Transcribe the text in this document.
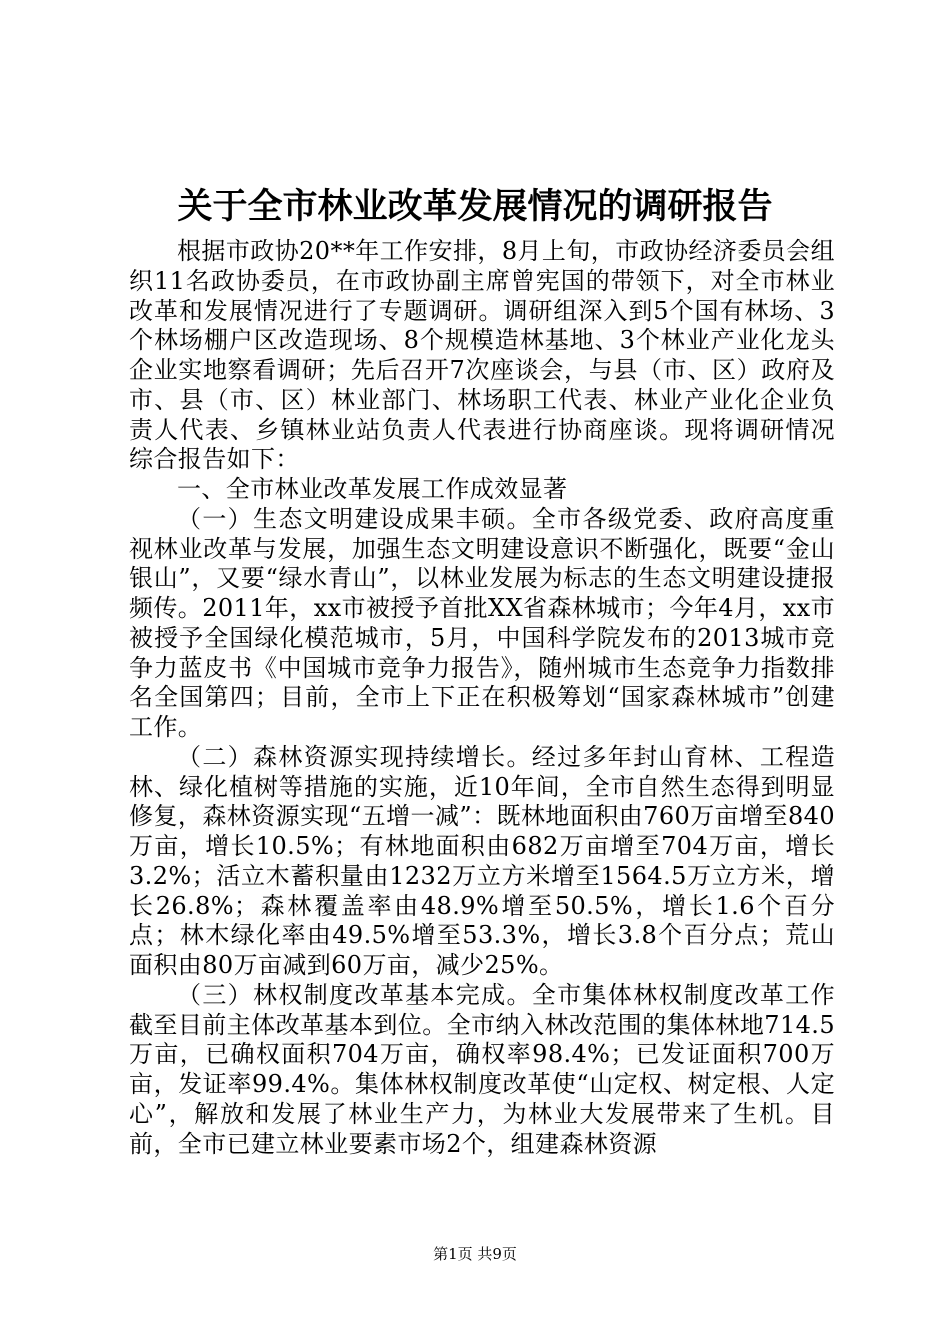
关于全市林业改革发展情况的调研报告

根据市政协20**年工作安排，8月上旬，市政协经济委员会组织11名政协委员，在市政协副主席曾宪国的带领下，对全市林业改革和发展情况进行了专题调研。调研组深入到5个国有林场、3个林场棚户区改造现场、8个规模造林基地、3个林业产业化龙头企业实地察看调研；先后召开7次座谈会，与县（市、区）政府及市、县（市、区）林业部门、林场职工代表、林业产业化企业负责人代表、乡镇林业站负责人代表进行协商座谈。现将调研情况综合报告如下：

一、全市林业改革发展工作成效显著

（一）生态文明建设成果丰硕。全市各级党委、政府高度重视林业改革与发展，加强生态文明建设意识不断强化，既要“金山银山”，又要“绿水青山”，以林业发展为标志的生态文明建设捷报频传。2011年，xx市被授予首批XX省森林城市；今年4月，xx市被授予全国绿化模范城市，5月，中国科学院发布的2013城市竞争力蓝皮书《中国城市竞争力报告》，随州城市生态竞争力指数排名全国第四；目前，全市上下正在积极筹划“国家森林城市”创建工作。

（二）森林资源实现持续增长。经过多年封山育林、工程造林、绿化植树等措施的实施，近10年间，全市自然生态得到明显修复，森林资源实现“五增一减”：既林地面积由760万亩增至840万亩，增长10.5%；有林地面积由682万亩增至704万亩，增长3.2%；活立木蓄积量由1232万立方米增至1564.5万立方米，增长26.8%；森林覆盖率由48.9%增至50.5%，增长1.6个百分点；林木绿化率由49.5%增至53.3%，增长3.8个百分点；荒山面积由80万亩减到60万亩，减少25%。

（三）林权制度改革基本完成。全市集体林权制度改革工作截至目前主体改革基本到位。全市纳入林改范围的集体林地714.5万亩，已确权面积704万亩，确权率98.4%；已发证面积700万亩，发证率99.4%。集体林权制度改革使“山定权、树定根、人定心”，解放和发展了林业生产力，为林业大发展带来了生机。目前，全市已建立林业要素市场2个，组建森林资源

第1页 共9页
